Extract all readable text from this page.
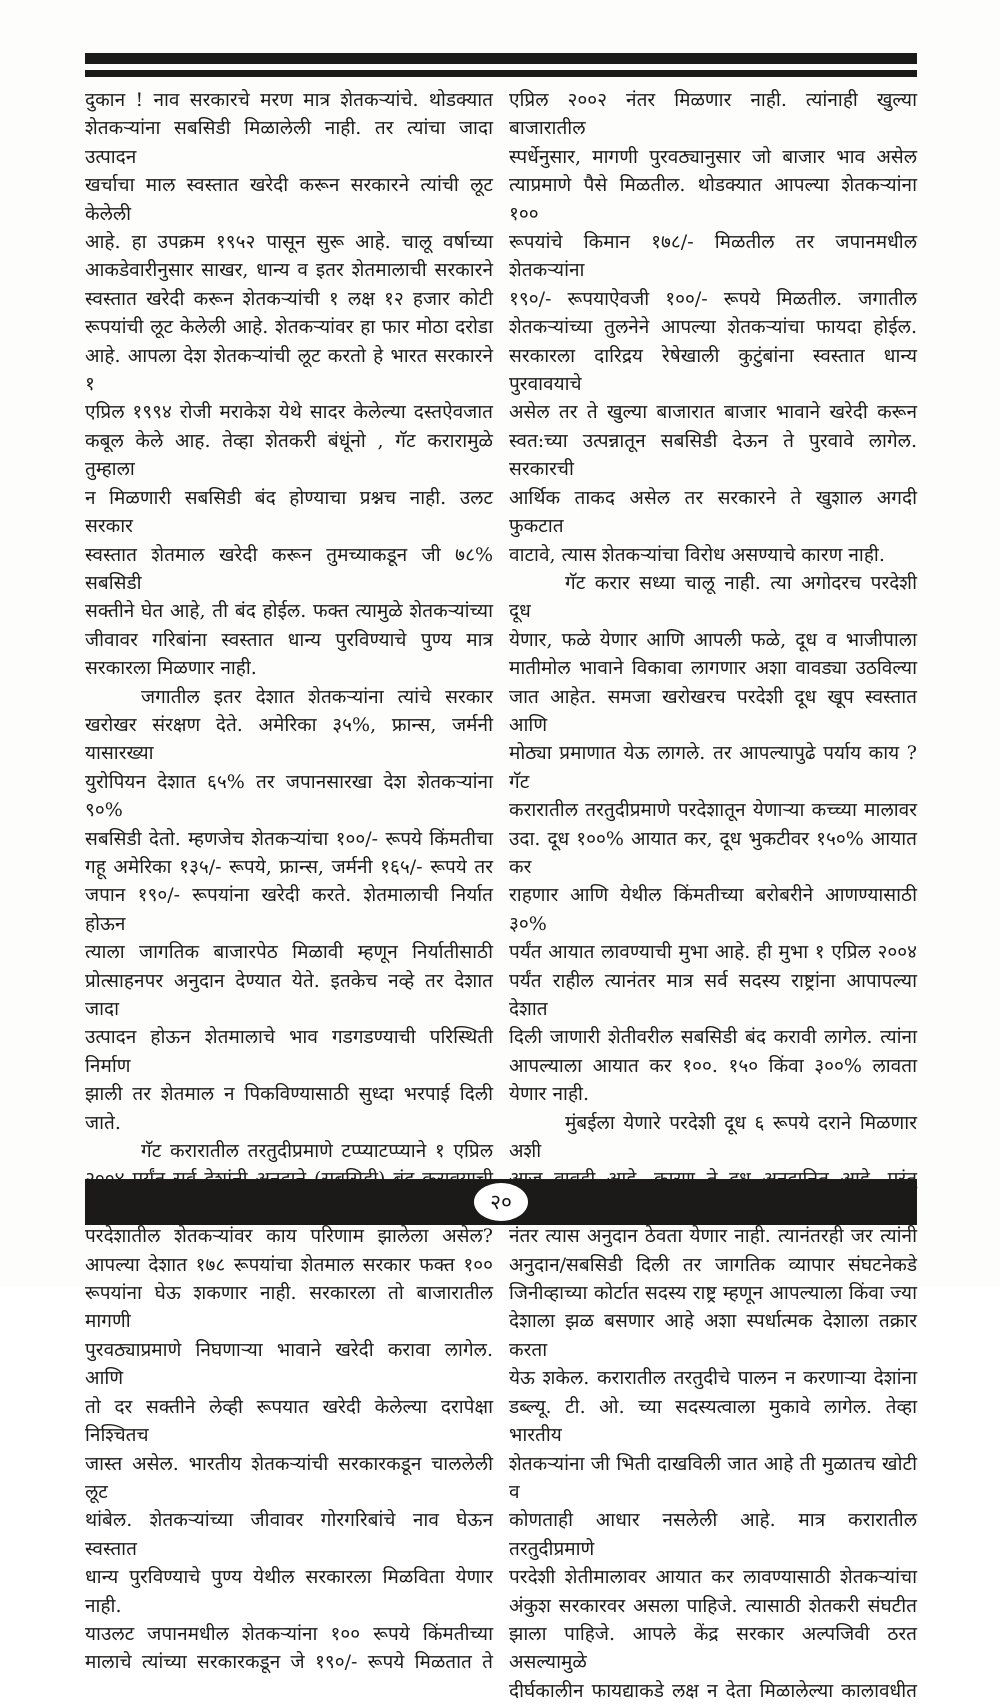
दुकान ! नाव सरकारचे मरण मात्र शेतकऱ्यांचे. थोडक्यात
शेतकऱ्यांना सबसिडी मिळालेली नाही. तर त्यांचा जादा उत्पादन
खर्चाचा माल स्वस्तात खरेदी करून सरकारने त्यांची लूट केलेली
आहे. हा उपक्रम १९५२ पासून सुरू आहे. चालू वर्षाच्या
आकडेवारीनुसार साखर, धान्य व इतर शेतमालाची सरकारने
स्वस्तात खरेदी करून शेतकऱ्यांची १ लक्ष १२ हजार कोटी
रूपयांची लूट केलेली आहे. शेतकऱ्यांवर हा फार मोठा दरोडा
आहे. आपला देश शेतकऱ्यांची लूट करतो हे भारत सरकारने १
एप्रिल १९९४ रोजी मराकेश येथे सादर केलेल्या दस्तऐवजात
कबूल केले आह. तेव्हा शेतकरी बंधूंनो , गॅट करारामुळे तुम्हाला
न मिळणारी सबसिडी बंद होण्याचा प्रश्नच नाही. उलट सरकार
स्वस्तात शेतमाल खरेदी करून तुमच्याकडून जी ७८% सबसिडी
सक्तीने घेत आहे, ती बंद होईल. फक्त त्यामुळे शेतकऱ्यांच्या
जीवावर गरिबांना स्वस्तात धान्य पुरविण्याचे पुण्य मात्र
सरकारला मिळणार नाही.
जगातील इतर देशात शेतकऱ्यांना त्यांचे सरकार
खरोखर संरक्षण देते. अमेरिका ३५%, फ्रान्स, जर्मनी यासारख्या
युरोपियन देशात ६५% तर जपानसारखा देश शेतकऱ्यांना ९०%
सबसिडी देतो. म्हणजेच शेतकऱ्यांचा १००/- रूपये किंमतीचा
गहू अमेरिका १३५/- रूपये, फ्रान्स, जर्मनी १६५/- रूपये तर
जपान १९०/- रूपयांना खरेदी करते. शेतमालाची निर्यात होऊन
त्याला जागतिक बाजारपेठ मिळावी म्हणून निर्यातीसाठी
प्रोत्साहनपर अनुदान देण्यात येते. इतकेच नव्हे तर देशात जादा
उत्पादन होऊन शेतमालाचे भाव गडगडण्याची परिस्थिती निर्माण
झाली तर शेतमाल न पिकविण्यासाठी सुध्दा भरपाई दिली जाते.
गॅट करारातील तरतुदीप्रमाणे टप्प्याटप्प्याने १ एप्रिल
परदेशातील शेतकऱ्यांवर काय परिणाम झालेला असेल?
आपल्या देशात १७८ रूपयांचा शेतमाल सरकार फक्त १००
रूपयांना घेऊ शकणार नाही. सरकारला तो बाजारातील मागणी
पुरवठ्याप्रमाणे निघणाऱ्या भावाने खरेदी करावा लागेल. आणि
तो दर सक्तीने लेव्ही रूपयात खरेदी केलेल्या दरापेक्षा निश्चितच
जास्त असेल. भारतीय शेतकऱ्यांची सरकारकडून चाललेली लूट
थांबेल. शेतकऱ्यांच्या जीवावर गोरगरिबांचे नाव घेऊन स्वस्तात
धान्य पुरविण्याचे पुण्य येथील सरकारला मिळविता येणार नाही.
याउलट जपानमधील शेतकऱ्यांना १०० रूपये किंमतीच्या
मालाचे त्यांच्या सरकारकडून जे १९०/- रूपये मिळतात ते
एप्रिल २००२ नंतर मिळणार नाही. त्यांनाही खुल्या बाजारातील
स्पर्धेनुसार, मागणी पुरवठ्यानुसार जो बाजार भाव असेल
त्याप्रमाणे पैसे मिळतील. थोडक्यात आपल्या शेतकऱ्यांना १००
रूपयांचे किमान १७८/- मिळतील तर जपानमधील शेतकऱ्यांना
१९०/- रूपयाऐवजी १००/- रूपये मिळतील. जगातील
शेतकऱ्यांच्या तुलनेने आपल्या शेतकऱ्यांचा फायदा होईल.
सरकारला दारिद्रय रेषेखाली कुटुंबांना स्वस्तात धान्य पुरवावयाचे
असेल तर ते खुल्या बाजारात बाजार भावाने खरेदी करून
स्वत:च्या उत्पन्नातून सबसिडी देऊन ते पुरवावे लागेल. सरकारची
आर्थिक ताकद असेल तर सरकारने ते खुशाल अगदी फुकटात
वाटावे, त्यास शेतकऱ्यांचा विरोध असण्याचे कारण नाही.
गॅट करार सध्या चालू नाही. त्या अगोदरच परदेशी दूध
येणार, फळे येणार आणि आपली फळे, दूध व भाजीपाला
मातीमोल भावाने विकावा लागणार अशा वावड्या उठविल्या
जात आहेत. समजा खरोखरच परदेशी दूध खूप स्वस्तात आणि
मोठ्या प्रमाणात येऊ लागले. तर आपल्यापुढे पर्याय काय ? गॅट
करारातील तरतुदीप्रमाणे परदेशातून येणाऱ्या कच्च्या मालावर
उदा. दूध १००% आयात कर, दूध भुकटीवर १५०% आयात कर
राहणार आणि येथील किंमतीच्या बरोबरीने आणण्यासाठी ३०%
पर्यंत आयात लावण्याची मुभा आहे. ही मुभा १ एप्रिल २००४
पर्यंत राहील त्यानंतर मात्र सर्व सदस्य राष्ट्रांना आपापल्या देशात
दिली जाणारी शेतीवरील सबसिडी बंद करावी लागेल. त्यांना
आपल्याला आयात कर १००. १५० किंवा ३००% लावता
येणार नाही.
मुंबईला येणारे परदेशी दूध ६ रूपये दराने मिळणार अशी
नंतर त्यास अनुदान ठेवता येणार नाही. त्यानंतरही जर त्यांनी
अनुदान/सबसिडी दिली तर जागतिक व्यापार संघटनेकडे
जिनीव्हाच्या कोर्टात सदस्य राष्ट्र म्हणून आपल्याला किंवा ज्या
देशाला झळ बसणार आहे अशा स्पर्धात्मक देशाला तक्रार करता
येऊ शकेल. करारातील तरतुदीचे पालन न करणाऱ्या देशांना
डब्ल्यू. टी. ओ. च्या सदस्यत्वाला मुकावे लागेल. तेव्हा भारतीय
शेतकऱ्यांना जी भिती दाखविली जात आहे ती मुळातच खोटी व
कोणताही आधार नसलेली आहे. मात्र करारातील तरतुदीप्रमाणे
परदेशी शेतीमालावर आयात कर लावण्यासाठी शेतकऱ्यांचा
अंकुश सरकारवर असला पाहिजे. त्यासाठी शेतकरी संघटीत
झाला पाहिजे. आपले केंद्र सरकार अल्पजिवी ठरत असल्यामुळे
दीर्घकालीन फायद्याकडे लक्ष न देता मिळालेल्या कालावधीत
२०
